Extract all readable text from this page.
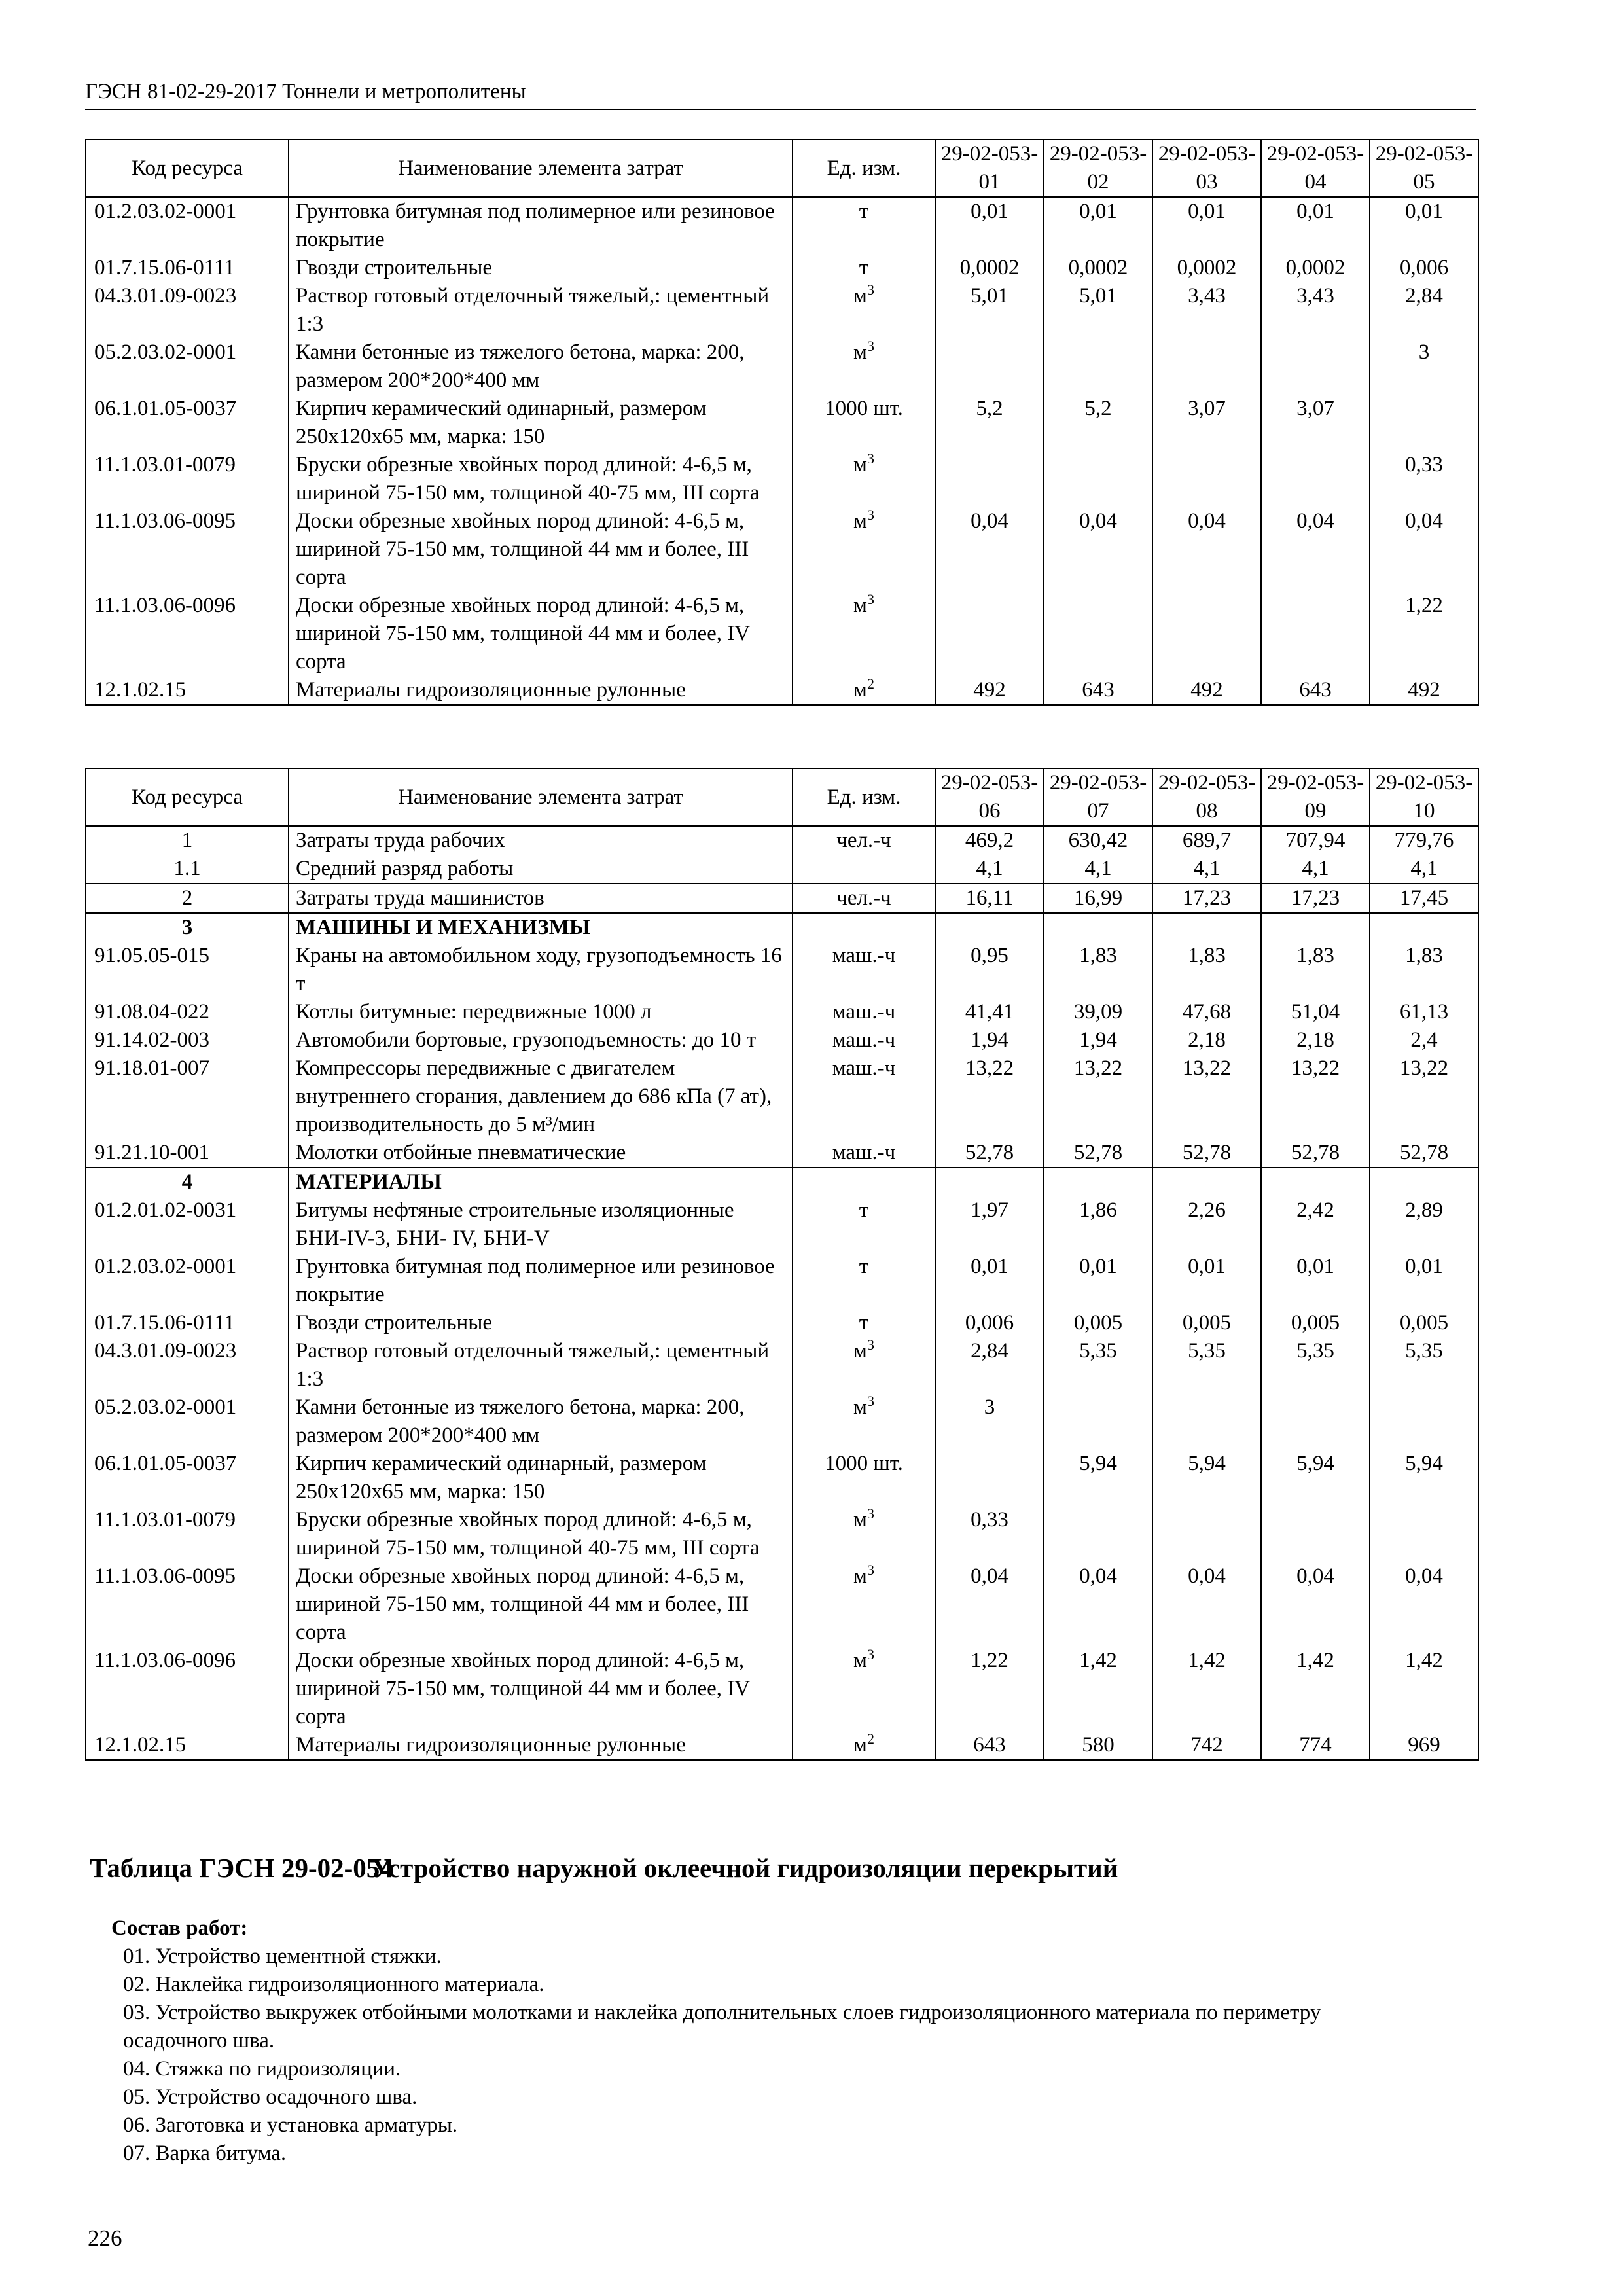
ГЭСН 81-02-29-2017 Тоннели и метрополитены
Код ресурса	Наименование элемента затрат	Ед. изм.	29-02-053-01	29-02-053-02	29-02-053-03	29-02-053-04	29-02-053-05
01.2.03.02-0001	Грунтовка битумная под полимерное или резиновое покрытие	т	0,01	0,01	0,01	0,01	0,01
01.7.15.06-0111	Гвозди строительные	т	0,0002	0,0002	0,0002	0,0002	0,006
04.3.01.09-0023	Раствор готовый отделочный тяжелый,: цементный 1:3	$м^3$	5,01	5,01	3,43	3,43	2,84
05.2.03.02-0001	Камни бетонные из тяжелого бетона, марка: 200, размером 200*200*400 мм	$м^3$					3
06.1.01.05-0037	Кирпич керамический одинарный, размером 250х120х65 мм, марка: 150	1000 шт.	5,2	5,2	3,07	3,07	
11.1.03.01-0079	Бруски обрезные хвойных пород длиной: 4-6,5 м, шириной 75-150 мм, толщиной 40-75 мм, III сорта	$м^3$					0,33
11.1.03.06-0095	Доски обрезные хвойных пород длиной: 4-6,5 м, шириной 75-150 мм, толщиной 44 мм и более, III сорта	$м^3$	0,04	0,04	0,04	0,04	0,04
11.1.03.06-0096	Доски обрезные хвойных пород длиной: 4-6,5 м, шириной 75-150 мм, толщиной 44 мм и более, IV сорта	$м^3$					1,22
12.1.02.15	Материалы гидроизоляционные рулонные	$м^2$	492	643	492	643	492
Код ресурса	Наименование элемента затрат	Ед. изм.	29-02-053-06	29-02-053-07	29-02-053-08	29-02-053-09	29-02-053-10
1	Затраты труда рабочих	чел.-ч	469,2	630,42	689,7	707,94	779,76
1.1	Средний разряд работы		4,1	4,1	4,1	4,1	4,1
2	Затраты труда машинистов	чел.-ч	16,11	16,99	17,23	17,23	17,45
3	МАШИНЫ И МЕХАНИЗМЫ						
91.05.05-015	Краны на автомобильном ходу, грузоподъемность 16 т	маш.-ч	0,95	1,83	1,83	1,83	1,83
91.08.04-022	Котлы битумные: передвижные 1000 л	маш.-ч	41,41	39,09	47,68	51,04	61,13
91.14.02-003	Автомобили бортовые, грузоподъемность: до 10 т	маш.-ч	1,94	1,94	2,18	2,18	2,4
91.18.01-007	Компрессоры передвижные с двигателем внутреннего сгорания, давлением до 686 кПа (7 ат), производительность до 5 м³/мин	маш.-ч	13,22	13,22	13,22	13,22	13,22
91.21.10-001	Молотки отбойные пневматические	маш.-ч	52,78	52,78	52,78	52,78	52,78
4	МАТЕРИАЛЫ						
01.2.01.02-0031	Битумы нефтяные строительные изоляционные БНИ-IV-3, БНИ- IV, БНИ-V	т	1,97	1,86	2,26	2,42	2,89
01.2.03.02-0001	Грунтовка битумная под полимерное или резиновое покрытие	т	0,01	0,01	0,01	0,01	0,01
01.7.15.06-0111	Гвозди строительные	т	0,006	0,005	0,005	0,005	0,005
04.3.01.09-0023	Раствор готовый отделочный тяжелый,: цементный 1:3	$м^3$	2,84	5,35	5,35	5,35	5,35
05.2.03.02-0001	Камни бетонные из тяжелого бетона, марка: 200, размером 200*200*400 мм	$м^3$	3				
06.1.01.05-0037	Кирпич керамический одинарный, размером 250х120х65 мм, марка: 150	1000 шт.		5,94	5,94	5,94	5,94
11.1.03.01-0079	Бруски обрезные хвойных пород длиной: 4-6,5 м, шириной 75-150 мм, толщиной 40-75 мм, III сорта	$м^3$	0,33				
11.1.03.06-0095	Доски обрезные хвойных пород длиной: 4-6,5 м, шириной 75-150 мм, толщиной 44 мм и более, III сорта	$м^3$	0,04	0,04	0,04	0,04	0,04
11.1.03.06-0096	Доски обрезные хвойных пород длиной: 4-6,5 м, шириной 75-150 мм, толщиной 44 мм и более, IV сорта	$м^3$	1,22	1,42	1,42	1,42	1,42
12.1.02.15	Материалы гидроизоляционные рулонные	$м^2$	643	580	742	774	969
Таблица ГЭСН 29-02-054 Устройство наружной оклеечной гидроизоляции перекрытий
Состав работ:
01. Устройство цементной стяжки.
02. Наклейка гидроизоляционного материала.
03. Устройство выкружек отбойными молотками и наклейка дополнительных слоев гидроизоляционного материала по периметру осадочного шва.
04. Стяжка по гидроизоляции.
05. Устройство осадочного шва.
06. Заготовка и установка арматуры.
07. Варка битума.
226
